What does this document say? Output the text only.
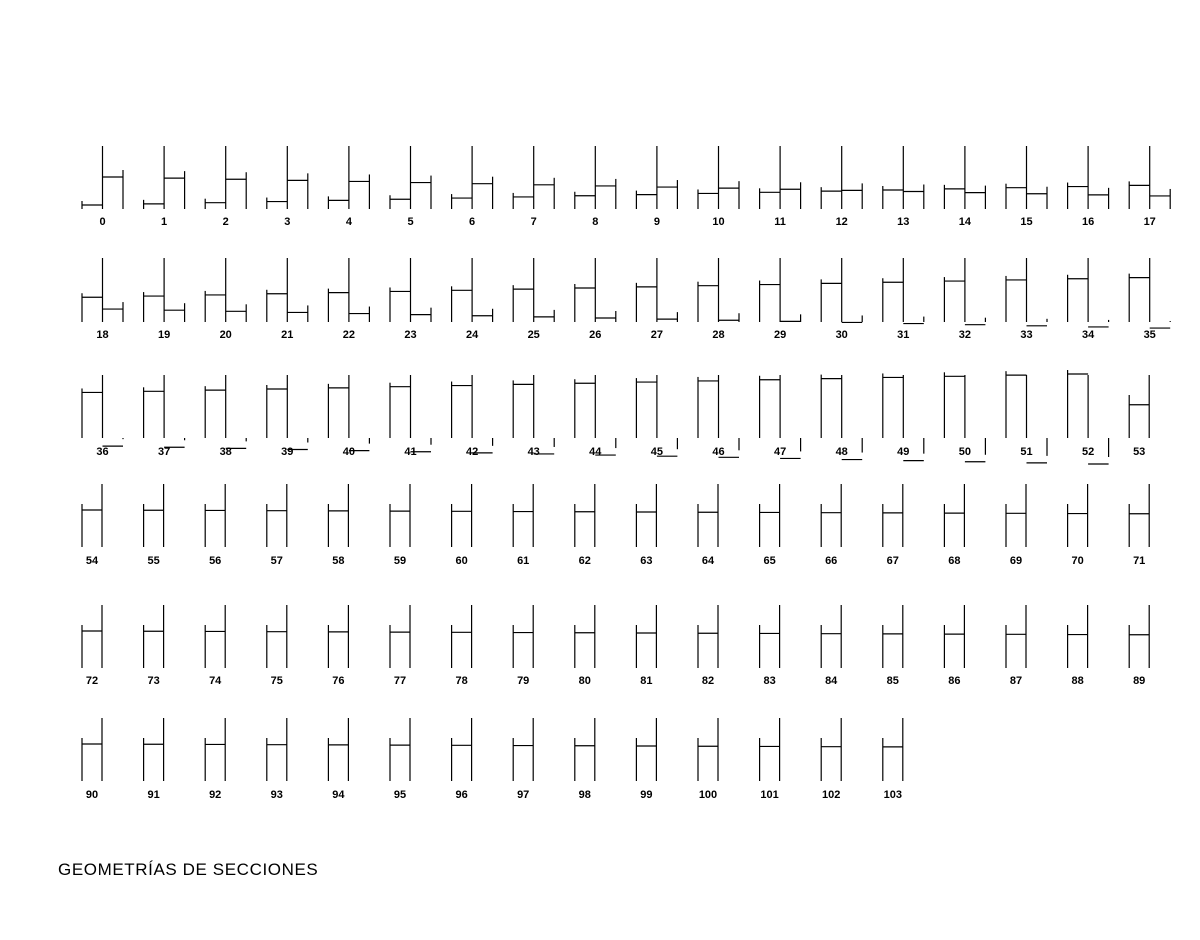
0	1	2	3	4	5	6	7	8	9	10	11	12	13	14	15	16	17
18	19	20	21	22	23	24	25	26	27	28	29	30	31	32	33	34	35
36	37	38	39	40	41	42	43	44	45	46	47	48	49	50	51	52	53
54	55	56	57	58	59	60	61	62	63	64	65	66	67	68	69	70	71
72	73	74	75	76	77	78	79	80	81	82	83	84	85	86	87	88	89
90	91	92	93	94	95	96	97	98	99	100	101	102	103
GEOMETRÍAS DE SECCIONES
